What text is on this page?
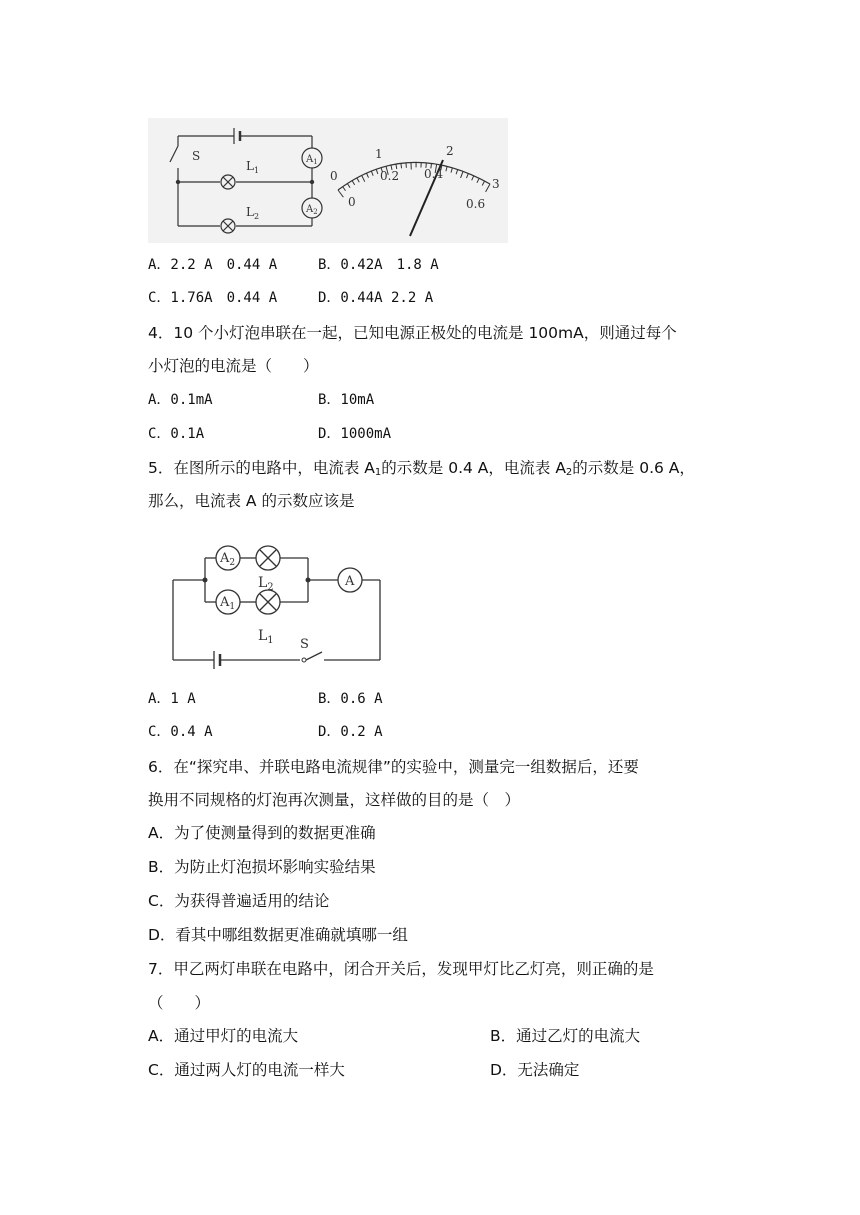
S
$L_1$
$L_2$
$A_1$
$A_2$
0
1	2
3
0
0.2 0.4
0.6
A．2.2 A　0.44 A	B．0.42A　1.8 A
C．1.76A　0.44 A	D．0.44A 2.2 A
4．10 个小灯泡串联在一起，已知电源正极处的电流是 100mA，则通过每个
小灯泡的电流是（　　）
A．0.1mA	B．10mA
C．0.1A	D．1000mA
5．在图所示的电路中，电流表 $A_1$的示数是 0.4 A，电流表 $A_2$的示数是 0.6 A，
那么，电流表 A 的示数应该是
$A_2$
$A_1$
A
$L_2$
$L_1$ S
A．1 A	B．0.6 A
C．0.4 A	D．0.2 A
6．在“探究串、并联电路电流规律”的实验中，测量完一组数据后，还要
换用不同规格的灯泡再次测量，这样做的目的是（　）
A．为了使测量得到的数据更准确
B．为防止灯泡损坏影响实验结果
C．为获得普遍适用的结论
D．看其中哪组数据更准确就填哪一组
7．甲乙两灯串联在电路中，闭合开关后，发现甲灯比乙灯亮，则正确的是
（　　）
A．通过甲灯的电流大	B．通过乙灯的电流大
C．通过两人灯的电流一样大	D．无法确定
